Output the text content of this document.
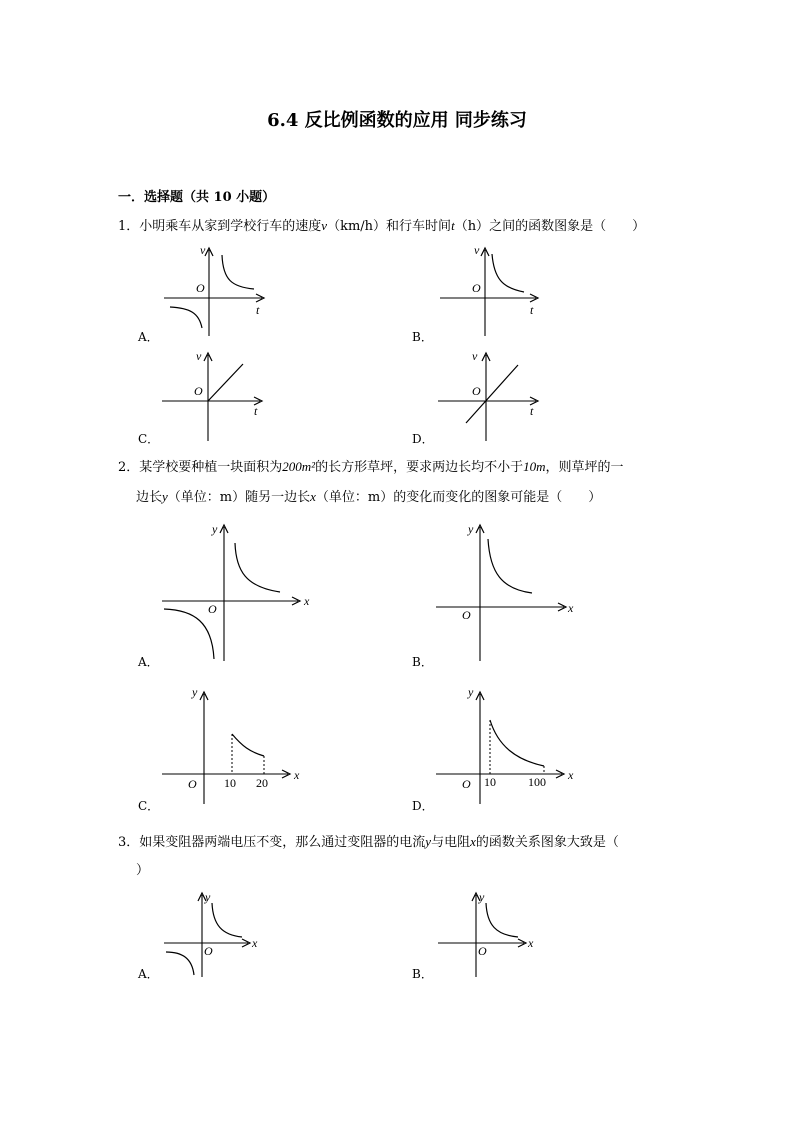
6.4 反比例函数的应用 同步练习
一．选择题（共 10 小题）
1．小明乘车从家到学校行车的速度v（km/h）和行车时间t（h）之间的函数图象是（　　）
A．
v
t
O
B．
v
t
O
C．
v
t
O
D．
v
t
O
2．某学校要种植一块面积为200m²的长方形草坪，要求两边长均不小于10m，则草坪的一
边长y（单位：m）随另一边长x（单位：m）的变化而变化的图象可能是（　　）
A．
y
x
O
B．
y
x
O
C．
y
x
O 10 20
D．
y
x
O 10	100
3．如果变阻器两端电压不变，那么通过变阻器的电流y与电阻x的函数关系图象大致是（
）
A．
y
x
O
B．
y
x
O
